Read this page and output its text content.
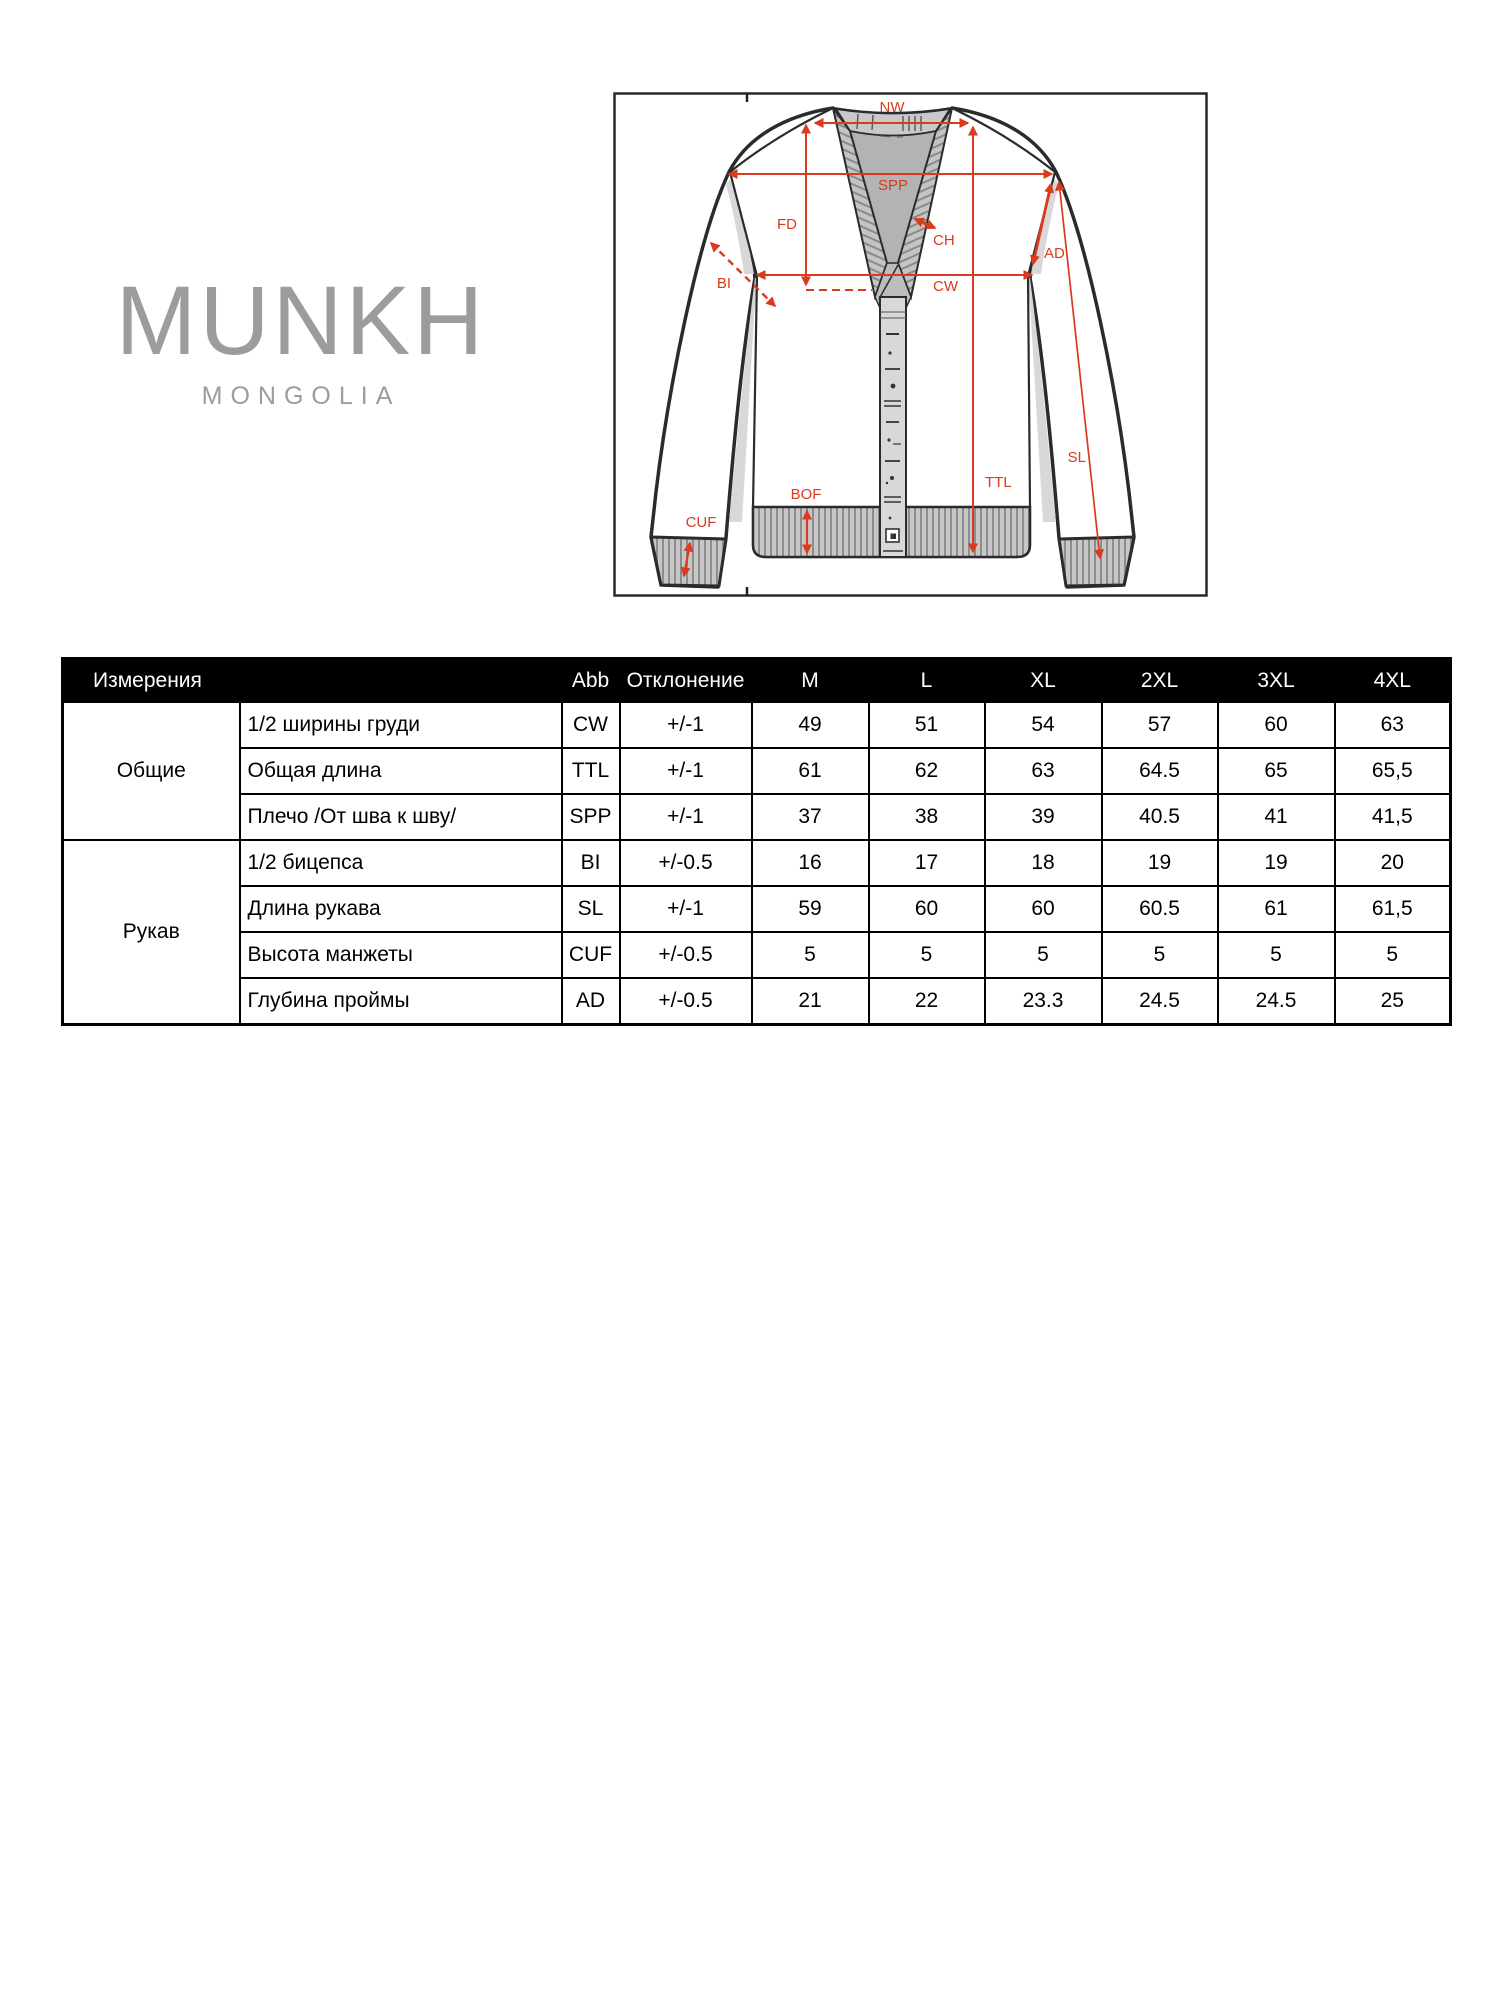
MUNKH
MONGOLIA
NW
SPP
FD
CH
BI	CW
AD
SL
TTL
BOF
CUF
Измерения		Abb	Отклонение	M	L	XL	2XL	3XL	4XL
Общие	1/2 ширины груди	CW	+/-1	49	51	54	57	60	63
	Общая длина	TTL	+/-1	61	62	63	64.5	65	65,5
	Плечо /От шва к шву/	SPP	+/-1	37	38	39	40.5	41	41,5
Рукав	1/2 бицепса	BI	+/-0.5	16	17	18	19	19	20
	Длина рукава	SL	+/-1	59	60	60	60.5	61	61,5
	Высота манжеты	CUF	+/-0.5	5	5	5	5	5	5
	Глубина проймы	AD	+/-0.5	21	22	23.3	24.5	24.5	25
